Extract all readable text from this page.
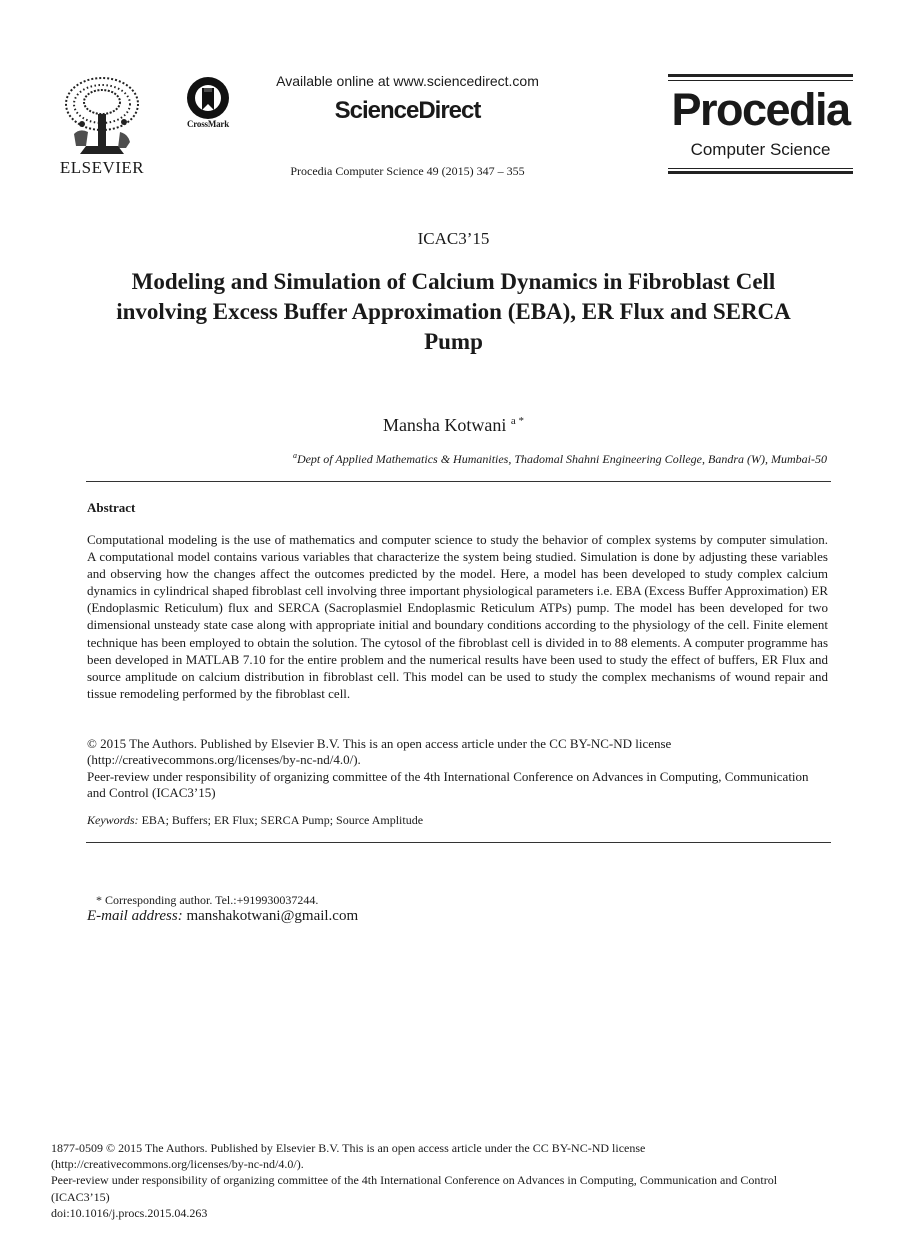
ELSEVIER
CrossMark
Available online at www.sciencedirect.com
ScienceDirect
Procedia Computer Science 49 (2015) 347 – 355
Procedia
Computer Science
ICAC3’15
Modeling and Simulation of Calcium Dynamics in Fibroblast Cell involving Excess Buffer Approximation (EBA), ER Flux and SERCA Pump
Mansha Kotwani $^{a *}$
$^a$Dept of Applied Mathematics & Humanities, Thadomal Shahni Engineering College, Bandra (W), Mumbai-50
Abstract
Computational modeling is the use of mathematics and computer science to study the behavior of complex systems by computer simulation. A computational model contains various variables that characterize the system being studied. Simulation is done by adjusting these variables and observing how the changes affect the outcomes predicted by the model. Here, a model has been developed to study complex calcium dynamics in cylindrical shaped fibroblast cell involving three important physiological parameters i.e. EBA (Excess Buffer Approximation) ER (Endoplasmic Reticulum) flux and SERCA (Sacroplasmiel Endoplasmic Reticulum ATPs) pump. The model has been developed for two dimensional unsteady state case along with appropriate initial and boundary conditions according to the physiology of the cell. Finite element technique has been employed to obtain the solution. The cytosol of the fibroblast cell is divided in to 88 elements. A computer programme has been developed in MATLAB 7.10 for the entire problem and the numerical results have been used to study the effect of buffers, ER Flux and source amplitude on calcium distribution in fibroblast cell. This model can be used to study the complex mechanisms of wound repair and tissue remodeling performed by the fibroblast cell.
© 2015 The Authors. Published by Elsevier B.V. This is an open access article under the CC BY-NC-ND license
(http://creativecommons.org/licenses/by-nc-nd/4.0/).
Peer-review under responsibility of organizing committee of the 4th International Conference on Advances in Computing, Communication and Control (ICAC3’15)
Keywords: EBA; Buffers; ER Flux; SERCA Pump; Source Amplitude
* Corresponding author. Tel.:+919930037244.
E-mail address: manshakotwani@gmail.com
1877-0509 © 2015 The Authors. Published by Elsevier B.V. This is an open access article under the CC BY-NC-ND license
(http://creativecommons.org/licenses/by-nc-nd/4.0/).
Peer-review under responsibility of organizing committee of the 4th International Conference on Advances in Computing, Communication and Control (ICAC3’15)
doi:10.1016/j.procs.2015.04.263
